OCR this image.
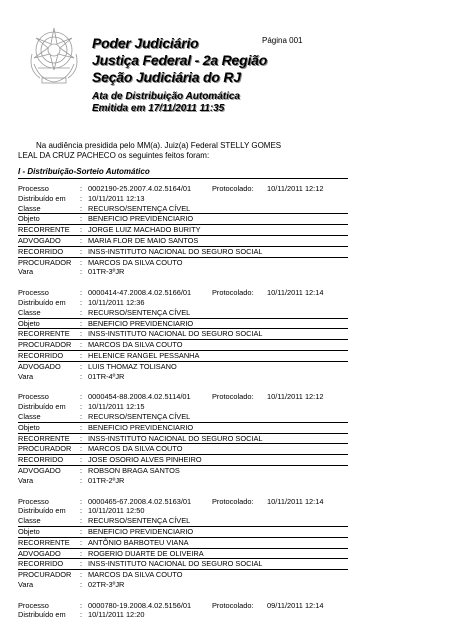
Poder Judiciário
Justiça Federal - 2a Região
Seção Judiciária do RJ
Página 001
Ata de Distribuição Automática
Emitida em 17/11/2011 11:35
Na audiência presidida pelo MM(a). Juiz(a) Federal STELLY GOMES
LEAL DA CRUZ PACHECO os seguintes feitos foram:
I - Distribuição-Sorteio Automático
Processo	: 0002190-25.2007.4.02.5164/01	Protocolado: 10/11/2011 12:12
Distribuído em : 10/11/2011 12:13
Classe	: RECURSO/SENTENÇA CÍVEL
Objeto	: BENEFICIO PREVIDENCIARIO
RECORRENTE : JORGE LUIZ MACHADO BURITY
ADVOGADO	: MARIA FLOR DE MAIO SANTOS
RECORRIDO : INSS-INSTITUTO NACIONAL DO SEGURO SOCIAL
PROCURADOR : MARCOS DA SILVA COUTO
Vara	: 01TR-3ºJR
Processo	: 0000414-47.2008.4.02.5166/01	Protocolado: 10/11/2011 12:14
Distribuído em : 10/11/2011 12:36
Classe	: RECURSO/SENTENÇA CÍVEL
Objeto	: BENEFICIO PREVIDENCIARIO
RECORRENTE : INSS-INSTITUTO NACIONAL DO SEGURO SOCIAL
PROCURADOR : MARCOS DA SILVA COUTO
RECORRIDO : HELENICE RANGEL PESSANHA
ADVOGADO	: LUIS THOMAZ TOLISANO
Vara	: 01TR-4ºJR
Processo	: 0000454-88.2008.4.02.5114/01	Protocolado: 10/11/2011 12:12
Distribuído em : 10/11/2011 12:15
Classe	: RECURSO/SENTENÇA CÍVEL
Objeto	: BENEFICIO PREVIDENCIARIO
RECORRENTE : INSS-INSTITUTO NACIONAL DO SEGURO SOCIAL
PROCURADOR : MARCOS DA SILVA COUTO
RECORRIDO : JOSE OSORIO ALVES PINHEIRO
ADVOGADO	: ROBSON BRAGA SANTOS
Vara	: 01TR-2ºJR
Processo	: 0000465-67.2008.4.02.5163/01	Protocolado: 10/11/2011 12:14
Distribuído em : 10/11/2011 12:50
Classe	: RECURSO/SENTENÇA CÍVEL
Objeto	: BENEFICIO PREVIDENCIARIO
RECORRENTE : ANTÔNIO BARBOTEU VIANA
ADVOGADO	: ROGERIO DUARTE DE OLIVEIRA
RECORRIDO : INSS-INSTITUTO NACIONAL DO SEGURO SOCIAL
PROCURADOR : MARCOS DA SILVA COUTO
Vara	: 02TR-3ºJR
Processo	: 0000780-19.2008.4.02.5156/01	Protocolado: 09/11/2011 12:14
Distribuído em : 10/11/2011 12:20
